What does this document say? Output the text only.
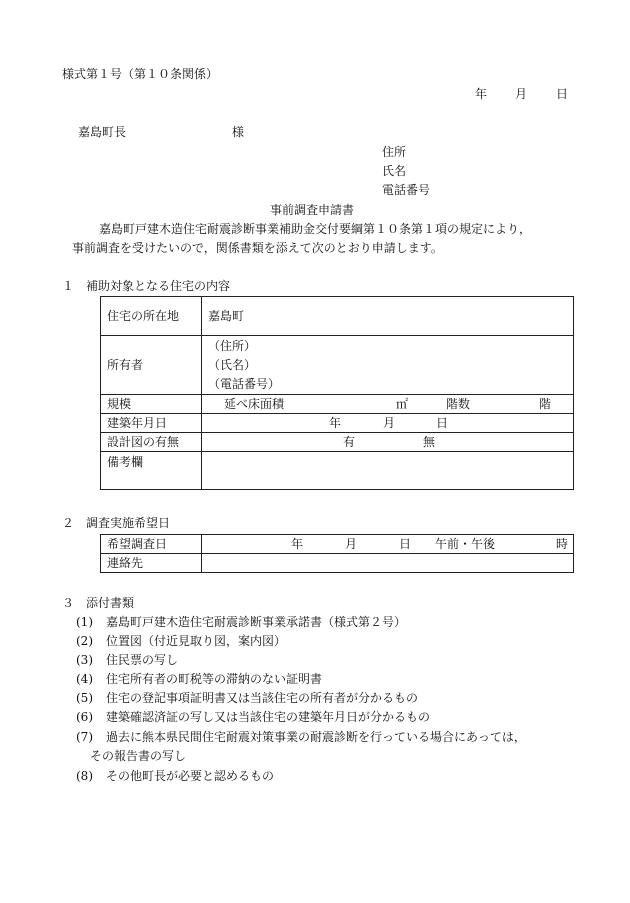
様式第１号（第１０条関係）
年 月 日
嘉島町長	様
住所
氏名
電話番号
事前調査申請書
嘉島町戸建木造住宅耐震診断事業補助金交付要綱第１０条第１項の規定により，
事前調査を受けたいので，関係書類を添えて次のとおり申請します。
１　補助対象となる住宅の内容
住宅の所在地	嘉島町
所有者	（住所）
（氏名）
（電話番号）

規模	延べ床面積 ㎡ 階数 階

建築年月日	年 月 日

設計図の有無	有 無

備考欄	
２　調査実施希望日
希望調査日	年 月 日 午前・午後 時

連絡先	
３　添付書類
(1) 嘉島町戸建木造住宅耐震診断事業承諾書（様式第２号）
(2) 位置図（付近見取り図，案内図）
(3) 住民票の写し
(4) 住宅所有者の町税等の滞納のない証明書
(5) 住宅の登記事項証明書又は当該住宅の所有者が分かるもの
(6) 建築確認済証の写し又は当該住宅の建築年月日が分かるもの
(7) 過去に熊本県民間住宅耐震対策事業の耐震診断を行っている場合にあっては，
その報告書の写し
(8) その他町長が必要と認めるもの
